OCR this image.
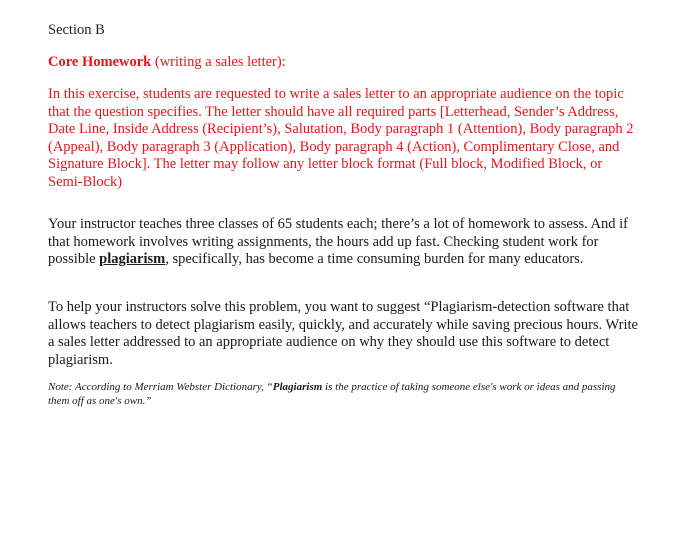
Section B
Core Homework (writing a sales letter):
In this exercise, students are requested to write a sales letter to an appropriate audience on the topic that the question specifies. The letter should have all required parts [Letterhead, Sender’s Address, Date Line, Inside Address (Recipient’s), Salutation, Body paragraph 1 (Attention), Body paragraph 2 (Appeal), Body paragraph 3 (Application), Body paragraph 4 (Action), Complimentary Close, and Signature Block]. The letter may follow any letter block format (Full block, Modified Block, or Semi-Block)
Your instructor teaches three classes of 65 students each; there’s a lot of homework to assess. And if that homework involves writing assignments, the hours add up fast. Checking student work for possible plagiarism, specifically, has become a time consuming burden for many educators.
To help your instructors solve this problem, you want to suggest “Plagiarism-detection software that allows teachers to detect plagiarism easily, quickly, and accurately while saving precious hours. Write a sales letter addressed to an appropriate audience on why they should use this software to detect plagiarism.
Note: According to Merriam Webster Dictionary, “Plagiarism is the practice of taking someone else's work or ideas and passing them off as one's own.”
